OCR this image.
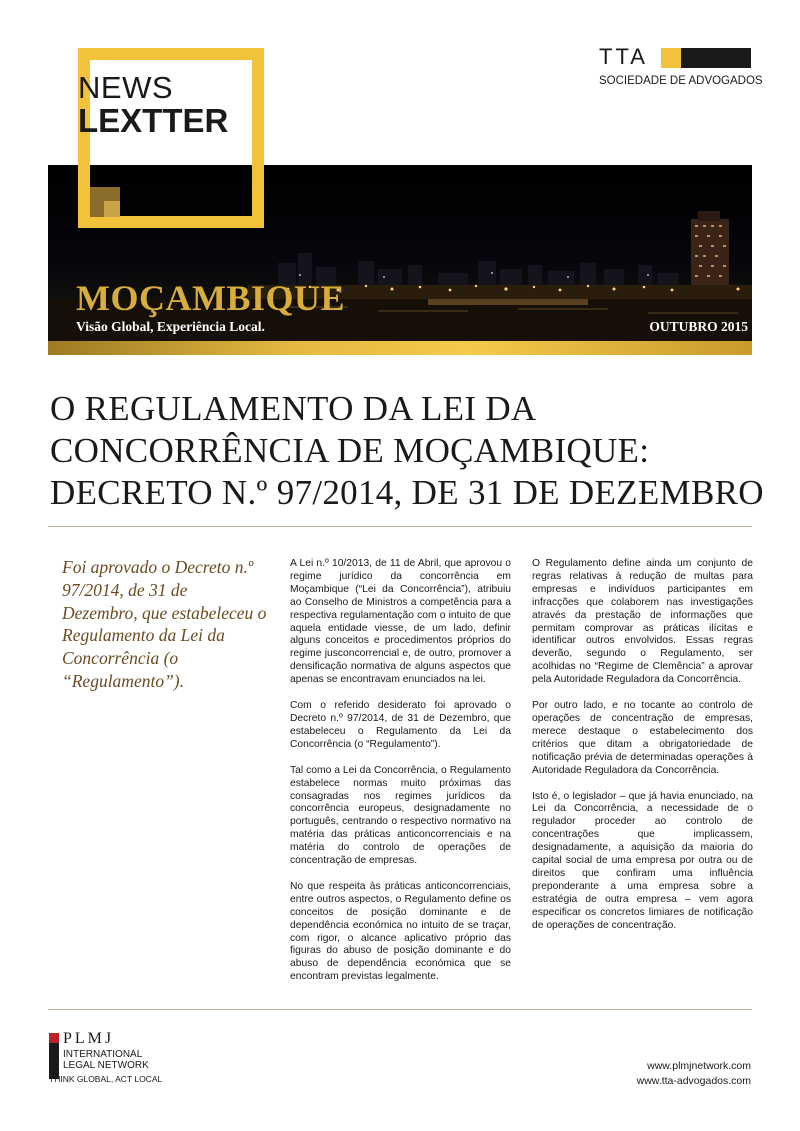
NEWS
LEXTTER
TTA
SOCIEDADE DE ADVOGADOS
MOÇAMBIQUE
Visão Global, Experiência Local.	OUTUBRO 2015
O REGULAMENTO DA LEI DA
CONCORRÊNCIA DE MOÇAMBIQUE:
DECRETO N.º 97/2014, DE 31 DE DEZEMBRO
Foi aprovado o Decreto n.º 97/2014, de 31 de Dezembro, que estabeleceu o Regulamento da Lei da Concorrência (o “Regulamento”).

A Lei n.º 10/2013, de 11 de Abril, que aprovou o regime jurídico da concorrência em Moçambique (“Lei da Concorrência”), atribuiu ao Conselho de Ministros a competência para a respectiva regulamentação com o intuito de que aquela entidade viesse, de um lado, definir alguns conceitos e procedimentos próprios do regime jusconcorrencial e, de outro, promover a densificação normativa de alguns aspectos que apenas se encontravam enunciados na lei.

Com o referido desiderato foi aprovado o Decreto n.º 97/2014, de 31 de Dezembro, que estabeleceu o Regulamento da Lei da Concorrência (o “Regulamento”).

Tal como a Lei da Concorrência, o Regulamento estabelece normas muito próximas das consagradas nos regimes jurídicos da concorrência europeus, designadamente no português, centrando o respectivo normativo na matéria das práticas anticoncorrenciais e na matéria do controlo de operações de concentração de empresas.

No que respeita às práticas anticoncorrenciais, entre outros aspectos, o Regulamento define os conceitos de posição dominante e de dependência económica no intuito de se traçar, com rigor, o alcance aplicativo próprio das figuras do abuso de posição dominante e do abuso de dependência económica que se encontram previstas legalmente.

O Regulamento define ainda um conjunto de regras relativas à redução de multas para empresas e indivíduos participantes em infracções que colaborem nas investigações através da prestação de informações que permitam comprovar as práticas ilícitas e identificar outros envolvidos. Essas regras deverão, segundo o Regulamento, ser acolhidas no “Regime de Clemência” a aprovar pela Autoridade Reguladora da Concorrência.

Por outro lado, e no tocante ao controlo de operações de concentração de empresas, merece destaque o estabelecimento dos critérios que ditam a obrigatoriedade de notificação prévia de determinadas operações à Autoridade Reguladora da Concorrência.

Isto é, o legislador – que já havia enunciado, na Lei da Concorrência, a necessidade de o regulador proceder ao controlo de concentrações que implicassem, designadamente, a aquisição da maioria do capital social de uma empresa por outra ou de direitos que confiram uma influência preponderante a uma empresa sobre a estratégia de outra empresa – vem agora especificar os concretos limiares de notificação de operações de concentração.

PLMJ
INTERNATIONAL
LEGAL NETWORK
THINK GLOBAL, ACT LOCAL
www.plmjnetwork.com
www.tta-advogados.com
